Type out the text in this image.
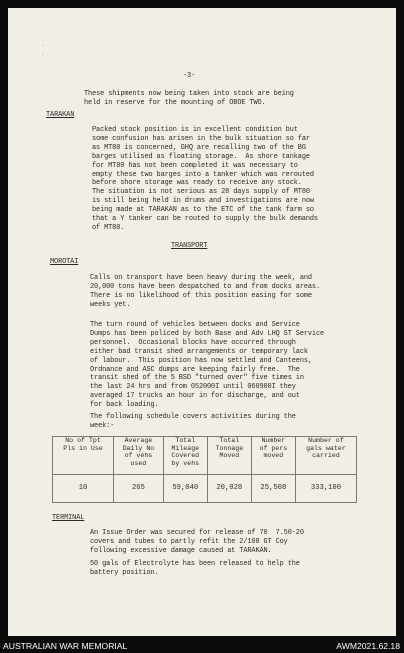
·
·
-3-
These shipments now being taken into stock are being
held in reserve for the mounting of OBOE TWO.
TARAKAN
Packed stock position is in excellent condition but
some confusion has arisen in the bulk situation so far
as MT80 is concerned, GHQ are recalling two of the BG
barges utilised as floating storage.  As shore tankage
for MT80 has not been completed it was necessary to
empty these two barges into a tanker which was rerouted
before shore storage was ready to receive any stock.
The situation is not serious as 28 days supply of MT80
is still being held in drums and investigations are now
being made at TARAKAN as to the ETC of the tank farm so
that a Y tanker can be routed to supply the bulk demands
of MT80.
TRANSPORT
MOROTAI
Calls on transport have been heavy during the week, and
20,000 tons have been despatched to and from docks areas.
There is no likelihood of this position easing for some
weeks yet.
The turn round of vehicles between docks and Service
Dumps has been policed by both Base and Adv LHQ ST Service
personnel.  Occasional blocks have occurred through
either bad transit shed arrangements or temporary lack
of labour.  This position has now settled and Canteens,
Ordnance and ASC dumps are keeping fairly free.  The
transit shed of the 5 BSD "turned over" five times in
the last 24 hrs and from 052000I until 060900I they
averaged 17 trucks an hour in for discharge, and out
for back loading.
The following schedule covers activities during the
week:-
No of Tpt
Pls in Use	Average
Daily No
of vehs
used	Total
Mileage
Covered
by vehs	Total
Tonnage
Moved	Number
of pers
moved	Number of
gals water
carried
10	265	59,040	20,028	25,508	333,100
TERMINAL
An Issue Order was secured for release of 70  7.50-20
covers and tubes to partly refit the 2/108 GT Coy
following excessive damage caused at TARAKAN.
50 gals of Electrolyte has been released to help the
battery position.
AUSTRALIAN WAR MEMORIAL	AWM2021.62.18
